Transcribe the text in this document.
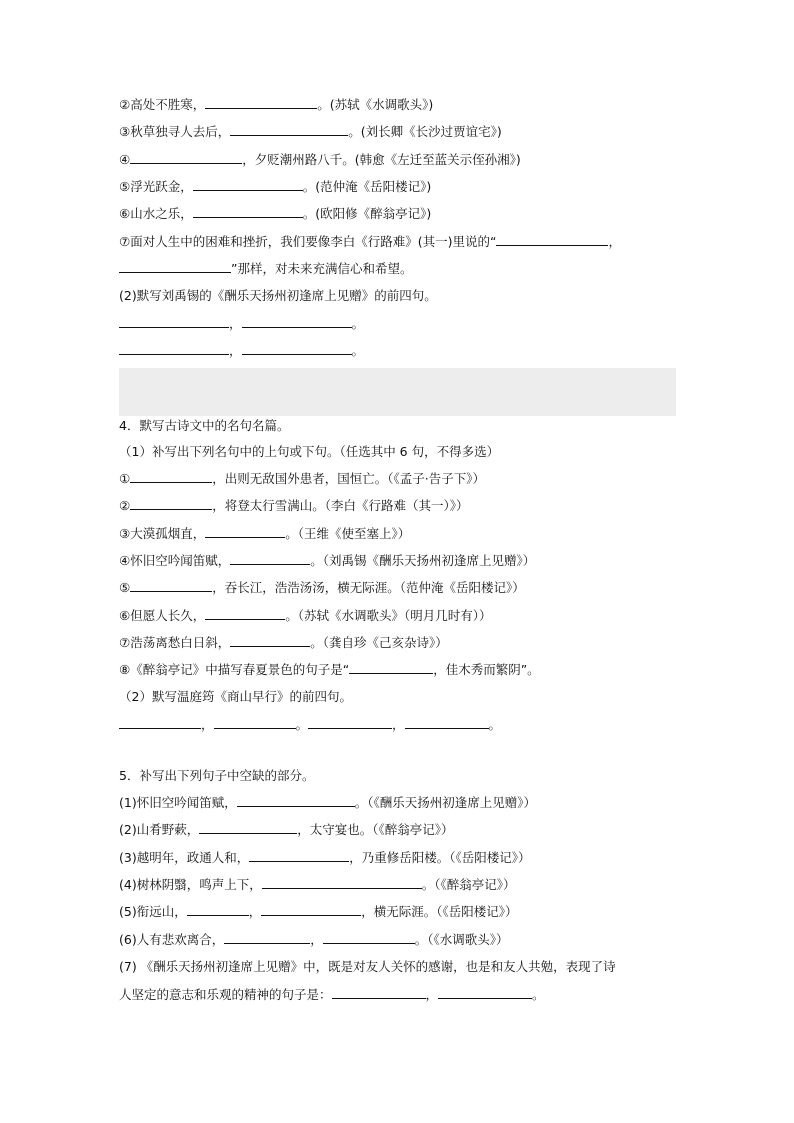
②高处不胜寒，	。(苏轼《水调歌头》)
③秋草独寻人去后，	。(刘长卿《长沙过贾谊宅》)
④	，夕贬潮州路八千。(韩愈《左迁至蓝关示侄孙湘》)
⑤浮光跃金，	。(范仲淹《岳阳楼记》)
⑥山水之乐，	。(欧阳修《醉翁亭记》)
⑦面对人生中的困难和挫折，我们要像李白《行路难》(其一)里说的“	，
”那样，对未来充满信心和希望。
(2)默写刘禹锡的《酬乐天扬州初逢席上见赠》的前四句。
，	。
，	。
4．默写古诗文中的名句名篇。
（1）补写出下列名句中的上句或下句。（任选其中 6 句，不得多选）
①	，出则无敌国外患者，国恒亡。（《孟子·告子下》）
②	，将登太行雪满山。（李白《行路难（其一）》）
③大漠孤烟直，	。（王维《使至塞上》）
④怀旧空吟闻笛赋，	。（刘禹锡《酬乐天扬州初逢席上见赠》）
⑤	，吞长江，浩浩汤汤，横无际涯。（范仲淹《岳阳楼记》）
⑥但愿人长久，	。（苏轼《水调歌头》（明月几时有））
⑦浩荡离愁白日斜，	。（龚自珍《己亥杂诗》）
⑧《醉翁亭记》中描写春夏景色的句子是“	，佳木秀而繁阴”。
（2）默写温庭筠《商山早行》的前四句。
，	。	，	。
5．补写出下列句子中空缺的部分。
(1)怀旧空吟闻笛赋，	。（《酬乐天扬州初逢席上见赠》）
(2)山肴野蔌，	，太守宴也。（《醉翁亭记》）
(3)越明年，政通人和，	，乃重修岳阳楼。（《岳阳楼记》）
(4)树林阴翳，鸣声上下，	。（《醉翁亭记》）
(5)衔远山，	，	，横无际涯。（《岳阳楼记》）
(6)人有悲欢离合，	，	。（《水调歌头》）
(7) 《酬乐天扬州初逢席上见赠》中，既是对友人关怀的感谢，也是和友人共勉，表现了诗
人坚定的意志和乐观的精神的句子是：	，	。
